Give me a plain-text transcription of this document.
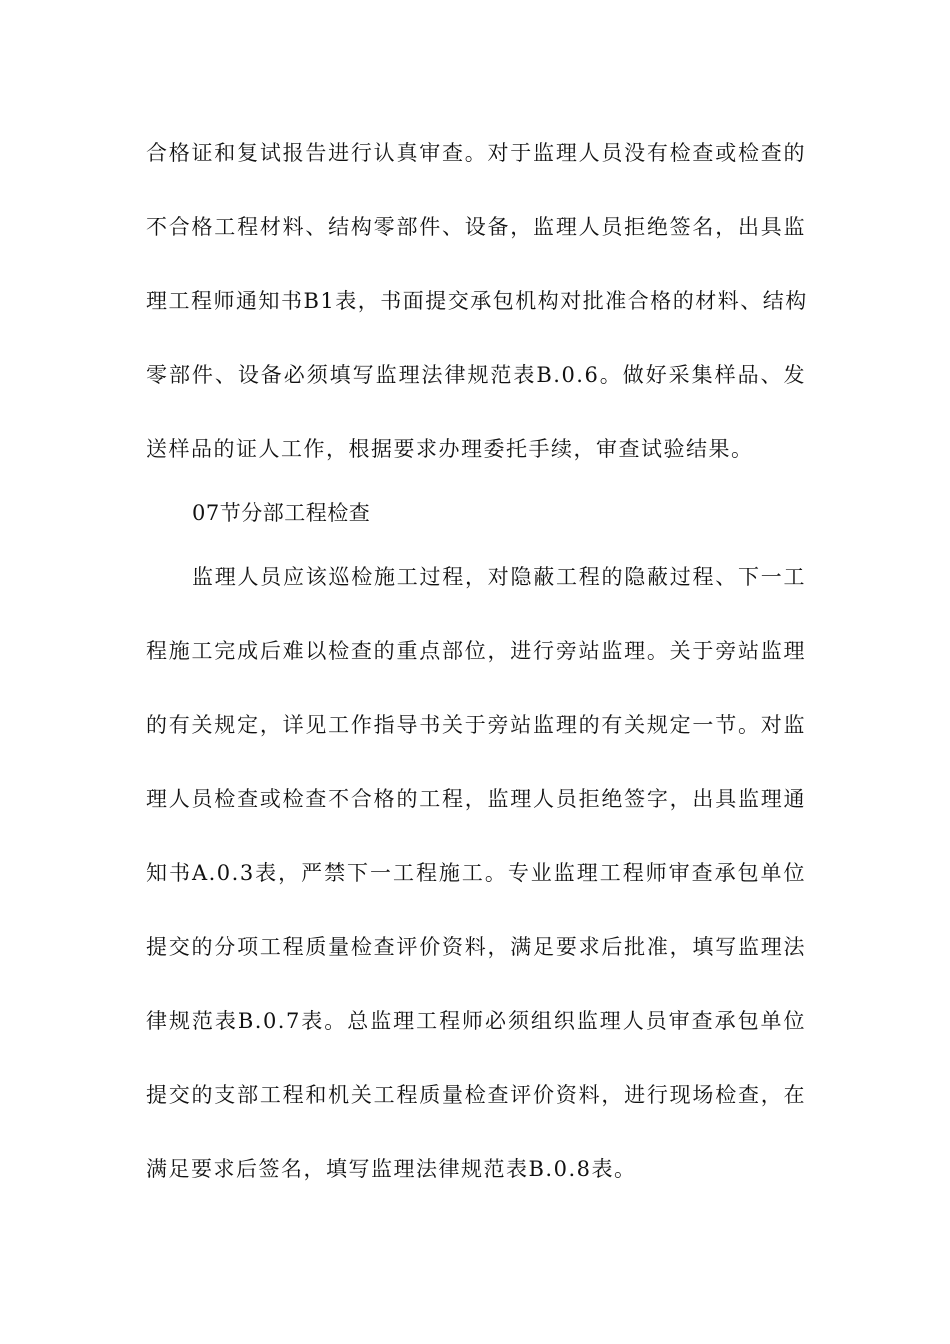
合格证和复试报告进行认真审查。对于监理人员没有检查或检查的
不合格工程材料、结构零部件、设备，监理人员拒绝签名，出具监
理工程师通知书B1表，书面提交承包机构对批准合格的材料、结构
零部件、设备必须填写监理法律规范表B.0.6。做好采集样品、发
送样品的证人工作，根据要求办理委托手续，审查试验结果。
07节分部工程检查
监理人员应该巡检施工过程，对隐蔽工程的隐蔽过程、下一工
程施工完成后难以检查的重点部位，进行旁站监理。关于旁站监理
的有关规定，详见工作指导书关于旁站监理的有关规定一节。对监
理人员检查或检查不合格的工程，监理人员拒绝签字，出具监理通
知书A.0.3表，严禁下一工程施工。专业监理工程师审查承包单位
提交的分项工程质量检查评价资料，满足要求后批准，填写监理法
律规范表B.0.7表。总监理工程师必须组织监理人员审查承包单位
提交的支部工程和机关工程质量检查评价资料，进行现场检查，在
满足要求后签名，填写监理法律规范表B.0.8表。
